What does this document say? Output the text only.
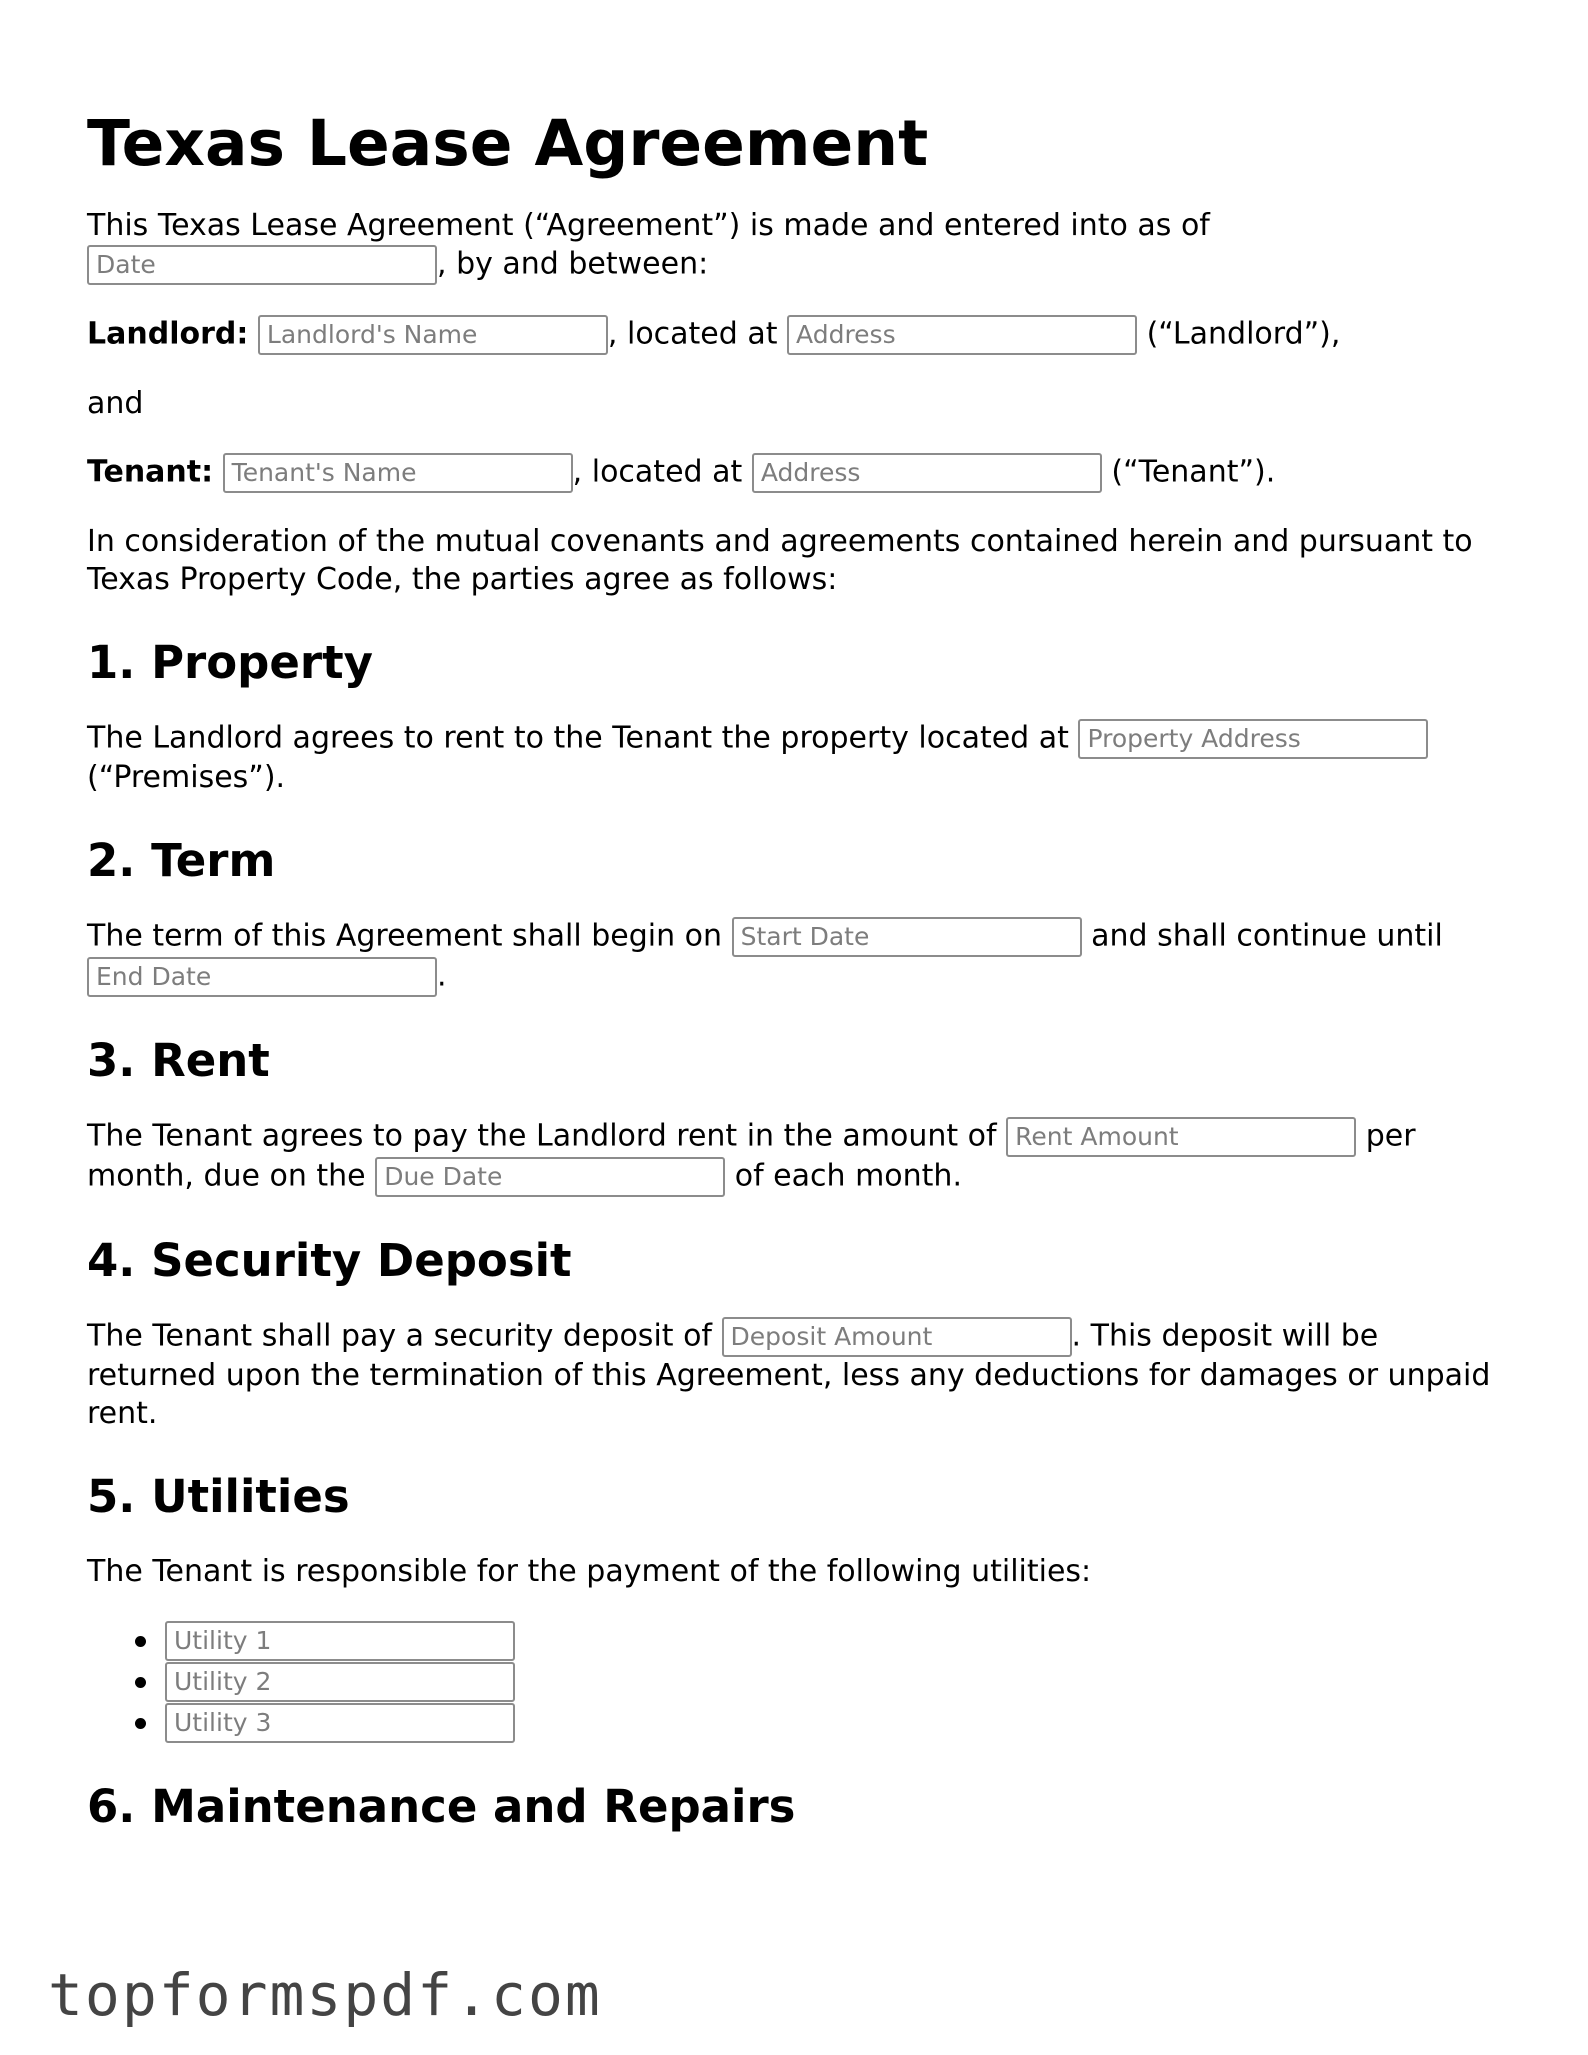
Texas Lease Agreement

This Texas Lease Agreement (“Agreement”) is made and entered into as of
Date	, by and between:

Landlord: Landlord's Name	, located at Address	(“Landlord”),

and

Tenant: Tenant's Name	, located at Address	(“Tenant”).

In consideration of the mutual covenants and agreements contained herein and pursuant to Texas Property Code, the parties agree as follows:

1. Property

The Landlord agrees to rent to the Tenant the property located at Property Address
(“Premises”).

2. Term

The term of this Agreement shall begin on Start Date	and shall continue until
End Date	.

3. Rent

The Tenant agrees to pay the Landlord rent in the amount of Rent Amount	per month, due on the Due Date	of each month.

4. Security Deposit

The Tenant shall pay a security deposit of Deposit Amount	. This deposit will be returned upon the termination of this Agreement, less any deductions for damages or unpaid rent.

5. Utilities

The Tenant is responsible for the payment of the following utilities:

Utility 1
Utility 2
Utility 3
6. Maintenance and Repairs
topformspdf.com
